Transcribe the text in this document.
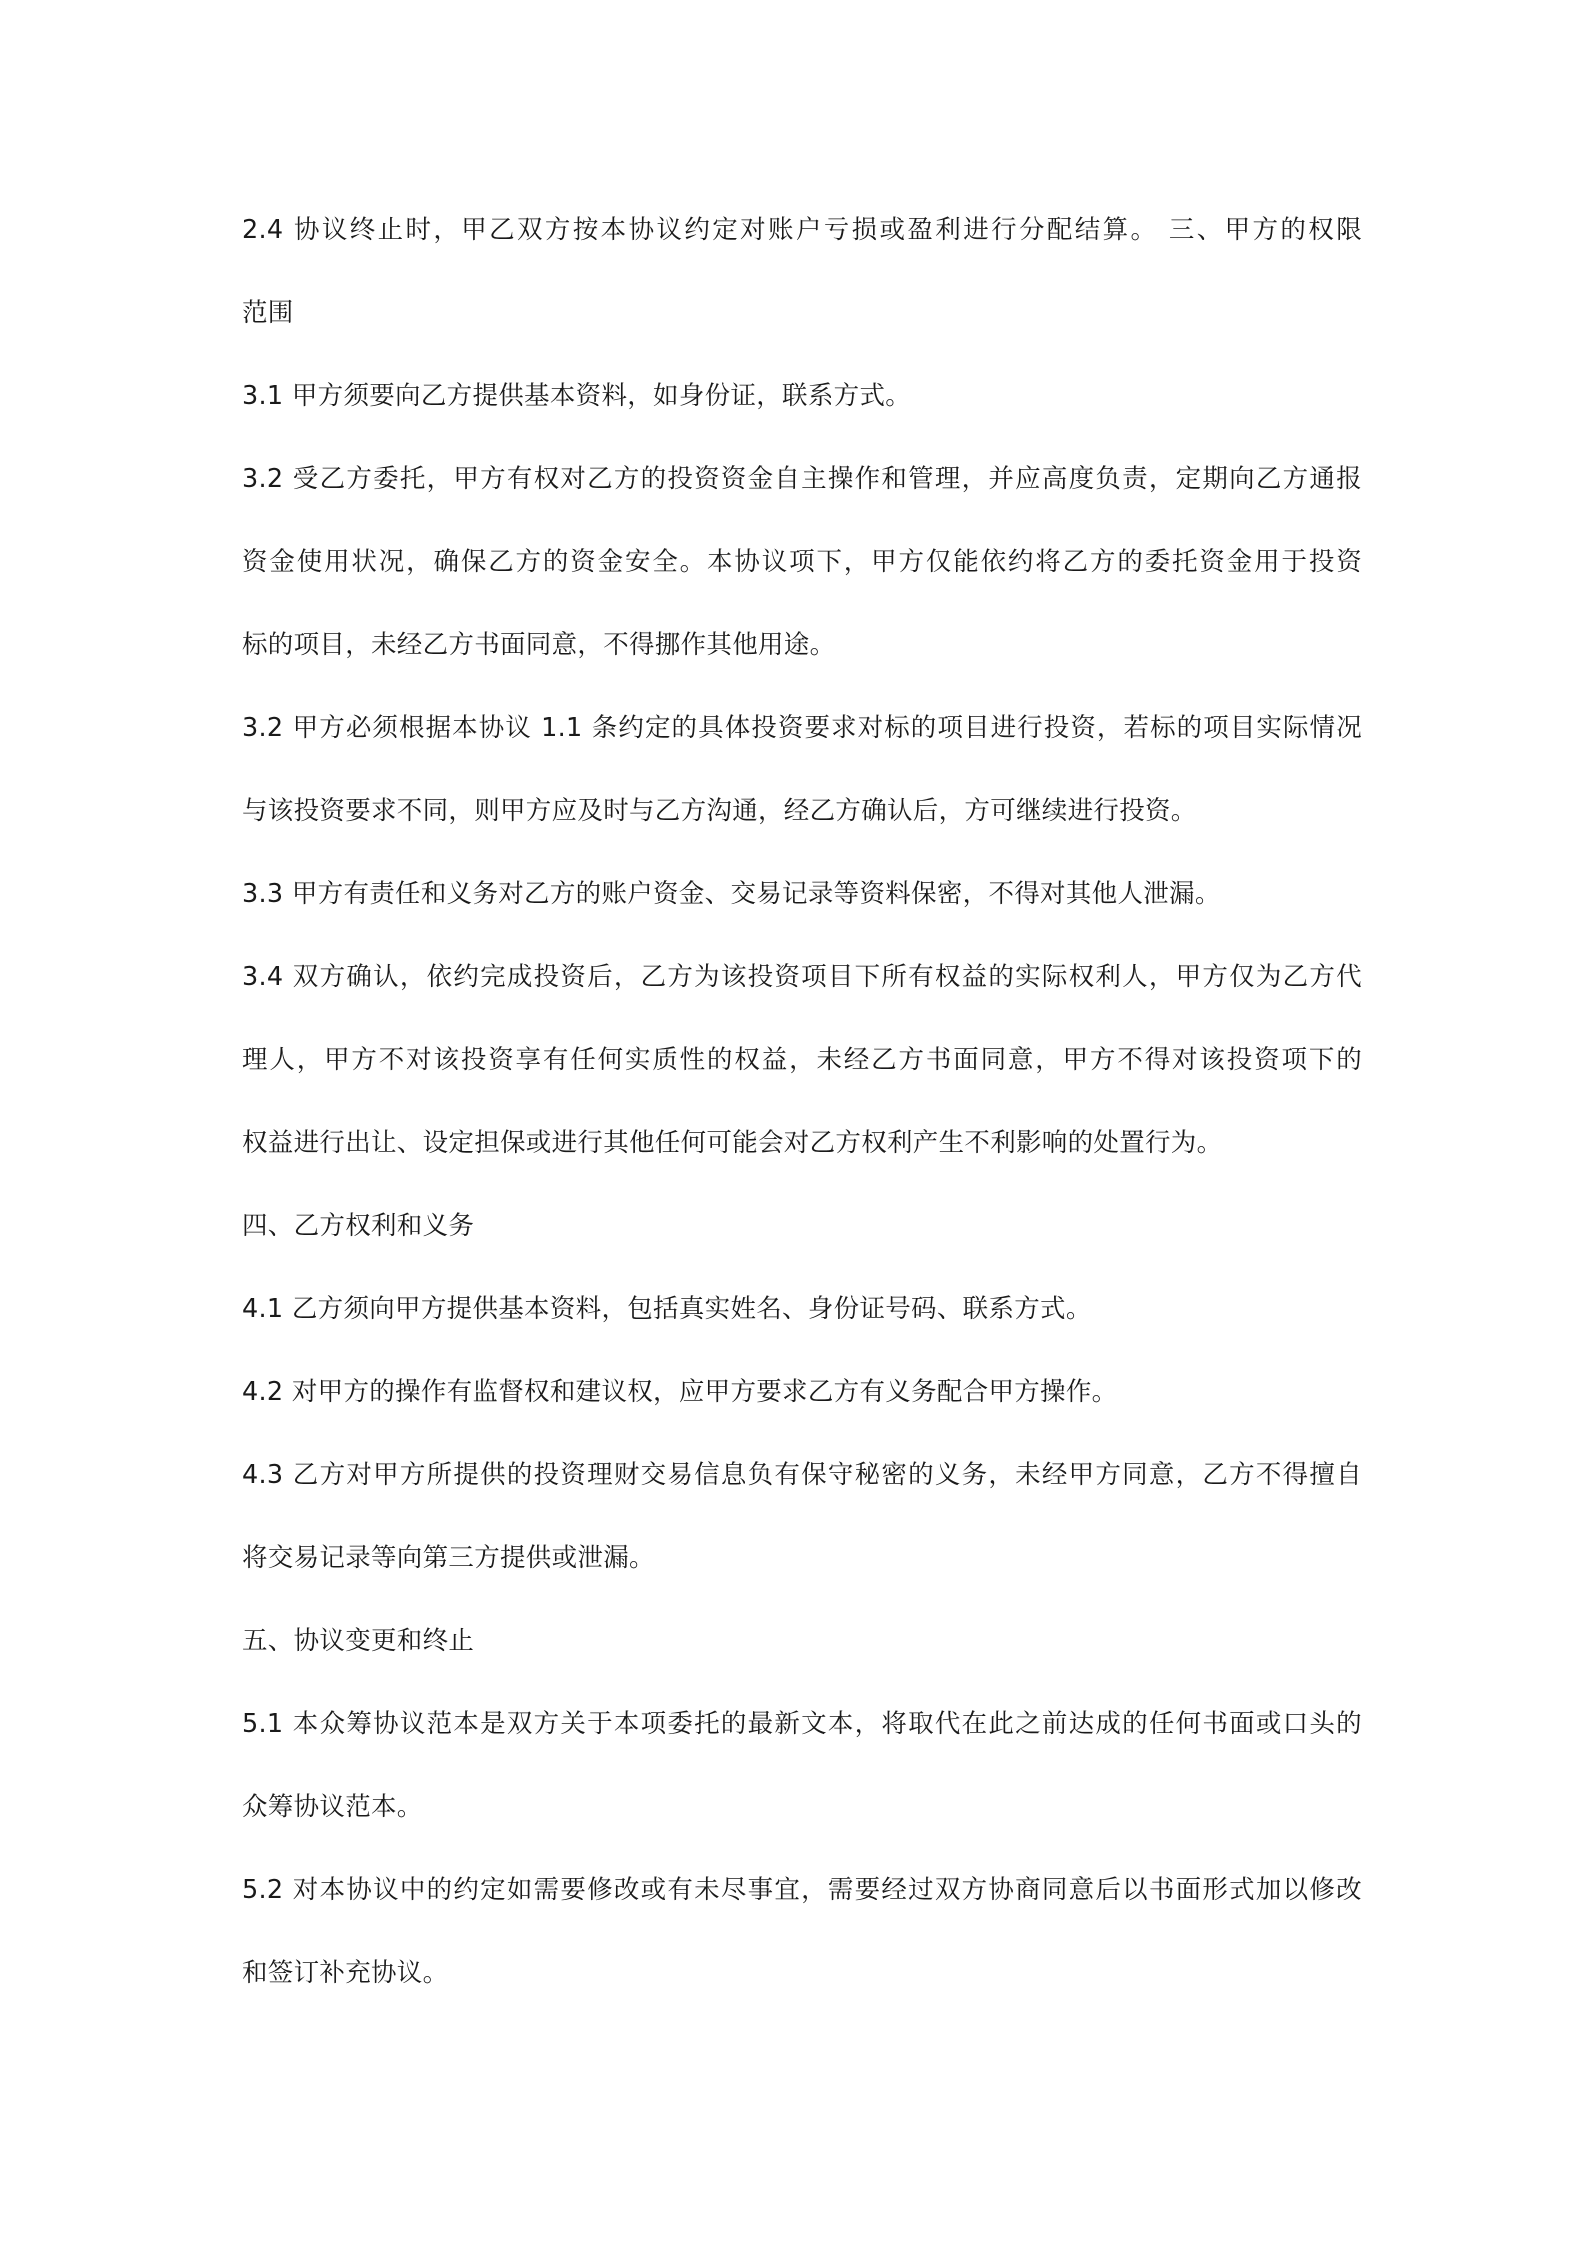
2.4 协议终止时，甲乙双方按本协议约定对账户亏损或盈利进行分配结算。 三、甲方的权限
范围
3.1 甲方须要向乙方提供基本资料，如身份证，联系方式。
3.2 受乙方委托，甲方有权对乙方的投资资金自主操作和管理，并应高度负责，定期向乙方通报
资金使用状况，确保乙方的资金安全。本协议项下，甲方仅能依约将乙方的委托资金用于投资
标的项目，未经乙方书面同意，不得挪作其他用途。
3.2 甲方必须根据本协议 1.1 条约定的具体投资要求对标的项目进行投资，若标的项目实际情况
与该投资要求不同，则甲方应及时与乙方沟通，经乙方确认后，方可继续进行投资。
3.3 甲方有责任和义务对乙方的账户资金、交易记录等资料保密，不得对其他人泄漏。
3.4 双方确认，依约完成投资后，乙方为该投资项目下所有权益的实际权利人，甲方仅为乙方代
理人，甲方不对该投资享有任何实质性的权益，未经乙方书面同意，甲方不得对该投资项下的
权益进行出让、设定担保或进行其他任何可能会对乙方权利产生不利影响的处置行为。
四、乙方权利和义务
4.1 乙方须向甲方提供基本资料，包括真实姓名、身份证号码、联系方式。
4.2 对甲方的操作有监督权和建议权，应甲方要求乙方有义务配合甲方操作。
4.3 乙方对甲方所提供的投资理财交易信息负有保守秘密的义务，未经甲方同意，乙方不得擅自
将交易记录等向第三方提供或泄漏。
五、协议变更和终止
5.1 本众筹协议范本是双方关于本项委托的最新文本，将取代在此之前达成的任何书面或口头的
众筹协议范本。
5.2 对本协议中的约定如需要修改或有未尽事宜，需要经过双方协商同意后以书面形式加以修改
和签订补充协议。
